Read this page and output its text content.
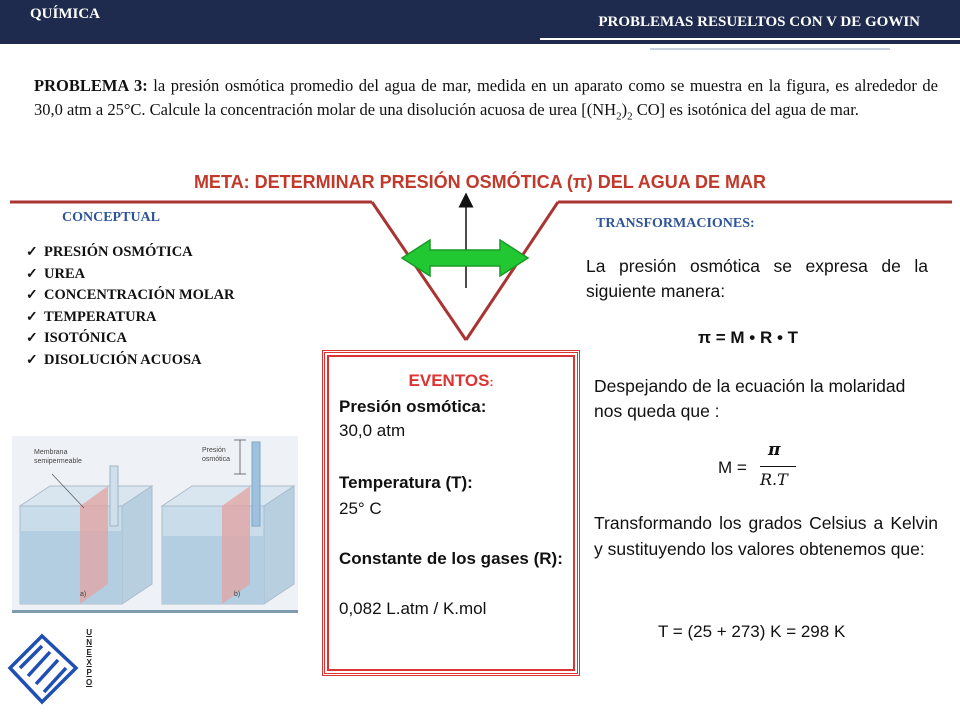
QUÍMICA	PROBLEMAS RESUELTOS CON V DE GOWIN
PROBLEMA 3: la presión osmótica promedio del agua de mar, medida en un aparato como se muestra en la figura, es alrededor de 30,0 atm a 25°C. Calcule la concentración molar de una disolución acuosa de urea [$(NH_2)_2$ CO] es isotónica del agua de mar.
META: DETERMINAR PRESIÓN OSMÓTICA (π) DEL AGUA DE MAR
CONCEPTUAL
✓ PRESIÓN OSMÓTICA
✓ UREA
✓ CONCENTRACIÓN MOLAR
✓ TEMPERATURA
✓ ISOTÓNICA
✓ DISOLUCIÓN ACUOSA
Membrana
semipermeable
Presión
osmótica
a)	b)
U
N
E
X
P
O
EVENTOS:
Presión osmótica:
30,0 atm
Temperatura (T):
25° C
Constante de los gases (R):
0,082 L.atm / K.mol
TRANSFORMACIONES:
La presión osmótica se expresa de la siguiente manera:
π = M • R • T
Despejando de la ecuación la molaridad nos queda que :
M =
π
R.T
Transformando los grados Celsius a Kelvin y sustituyendo los valores obtenemos que:
T = (25 + 273) K = 298 K
